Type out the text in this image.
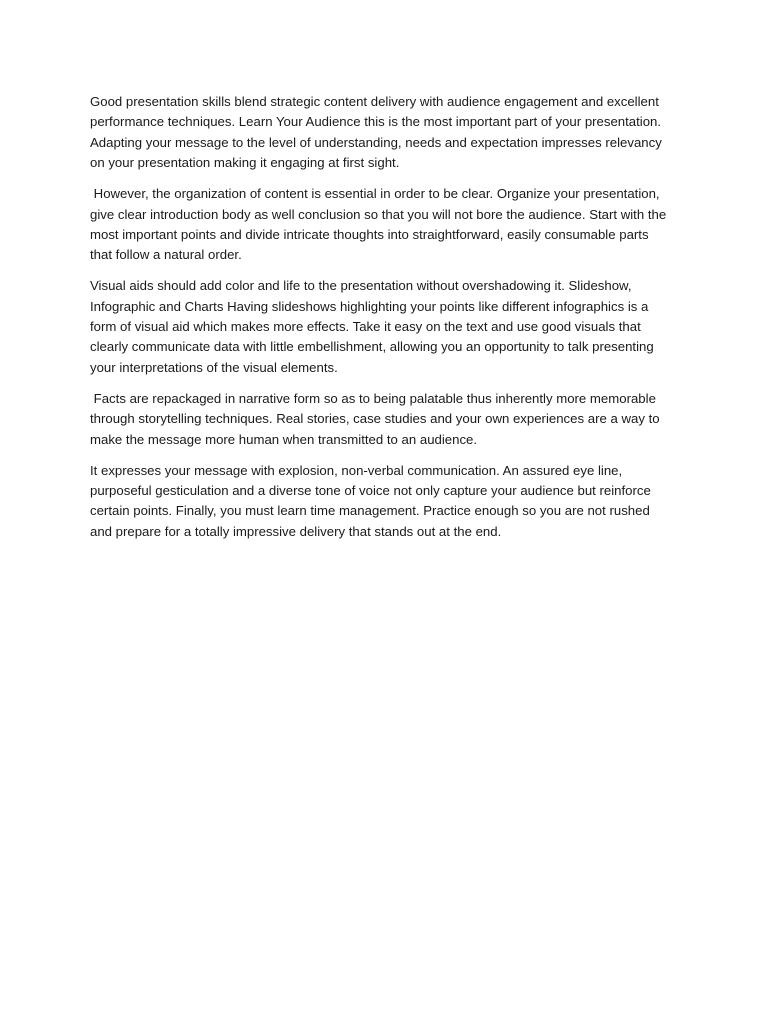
Good presentation skills blend strategic content delivery with audience engagement and excellent performance techniques. Learn Your Audience this is the most important part of your presentation. Adapting your message to the level of understanding, needs and expectation impresses relevancy on your presentation making it engaging at first sight.

However, the organization of content is essential in order to be clear. Organize your presentation, give clear introduction body as well conclusion so that you will not bore the audience. Start with the most important points and divide intricate thoughts into straightforward, easily consumable parts that follow a natural order.

Visual aids should add color and life to the presentation without overshadowing it. Slideshow, Infographic and Charts Having slideshows highlighting your points like different infographics is a form of visual aid which makes more effects. Take it easy on the text and use good visuals that clearly communicate data with little embellishment, allowing you an opportunity to talk presenting your interpretations of the visual elements.

Facts are repackaged in narrative form so as to being palatable thus inherently more memorable through storytelling techniques. Real stories, case studies and your own experiences are a way to make the message more human when transmitted to an audience.

It expresses your message with explosion, non-verbal communication. An assured eye line, purposeful gesticulation and a diverse tone of voice not only capture your audience but reinforce certain points. Finally, you must learn time management. Practice enough so you are not rushed and prepare for a totally impressive delivery that stands out at the end.
